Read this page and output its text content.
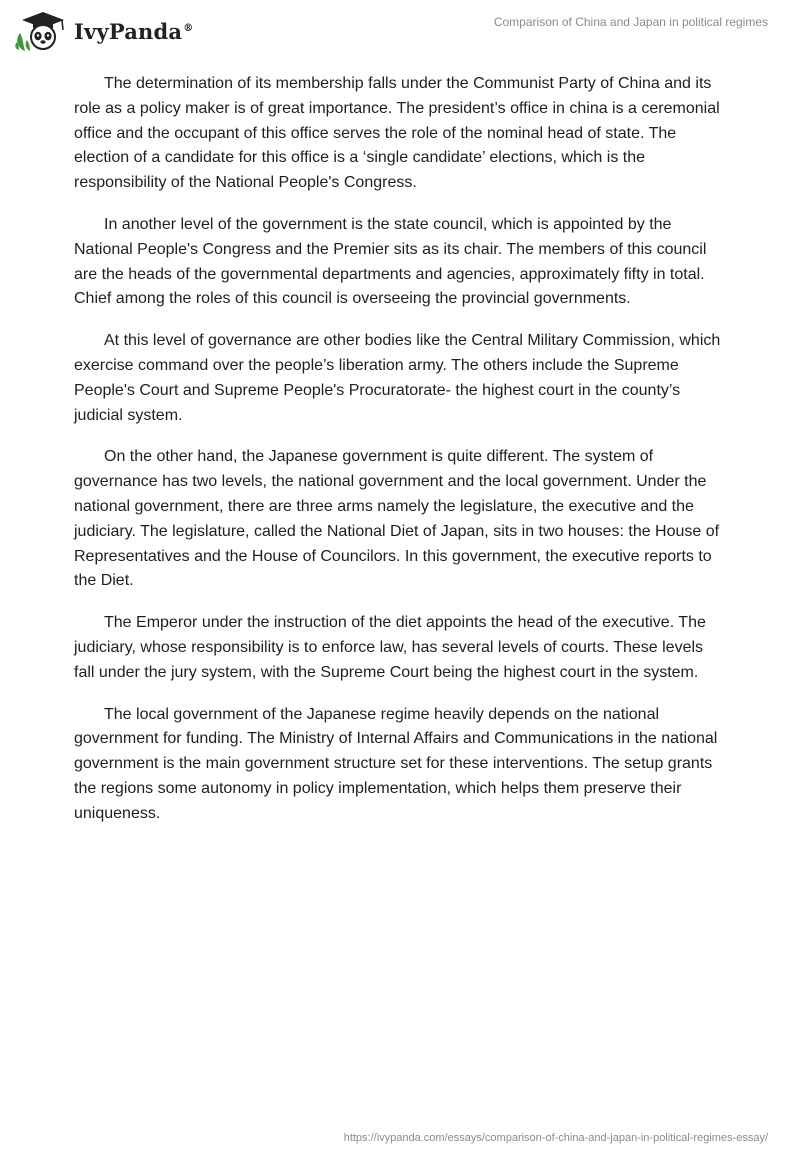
IvyPanda®	Comparison of China and Japan in political regimes

The determination of its membership falls under the Communist Party of China and its role as a policy maker is of great importance. The president’s office in china is a ceremonial office and the occupant of this office serves the role of the nominal head of state. The election of a candidate for this office is a ‘single candidate’ elections, which is the responsibility of the National People's Congress.

In another level of the government is the state council, which is appointed by the National People's Congress and the Premier sits as its chair. The members of this council are the heads of the governmental departments and agencies, approximately fifty in total. Chief among the roles of this council is overseeing the provincial governments.

At this level of governance are other bodies like the Central Military Commission, which exercise command over the people’s liberation army. The others include the Supreme People's Court and Supreme People's Procuratorate- the highest court in the county’s judicial system.

On the other hand, the Japanese government is quite different. The system of governance has two levels, the national government and the local government. Under the national government, there are three arms namely the legislature, the executive and the judiciary. The legislature, called the National Diet of Japan, sits in two houses: the House of Representatives and the House of Councilors. In this government, the executive reports to the Diet.

The Emperor under the instruction of the diet appoints the head of the executive. The judiciary, whose responsibility is to enforce law, has several levels of courts. These levels fall under the jury system, with the Supreme Court being the highest court in the system.

The local government of the Japanese regime heavily depends on the national government for funding. The Ministry of Internal Affairs and Communications in the national government is the main government structure set for these interventions. The setup grants the regions some autonomy in policy implementation, which helps them preserve their uniqueness.

https://ivypanda.com/essays/comparison-of-china-and-japan-in-political-regimes-essay/
